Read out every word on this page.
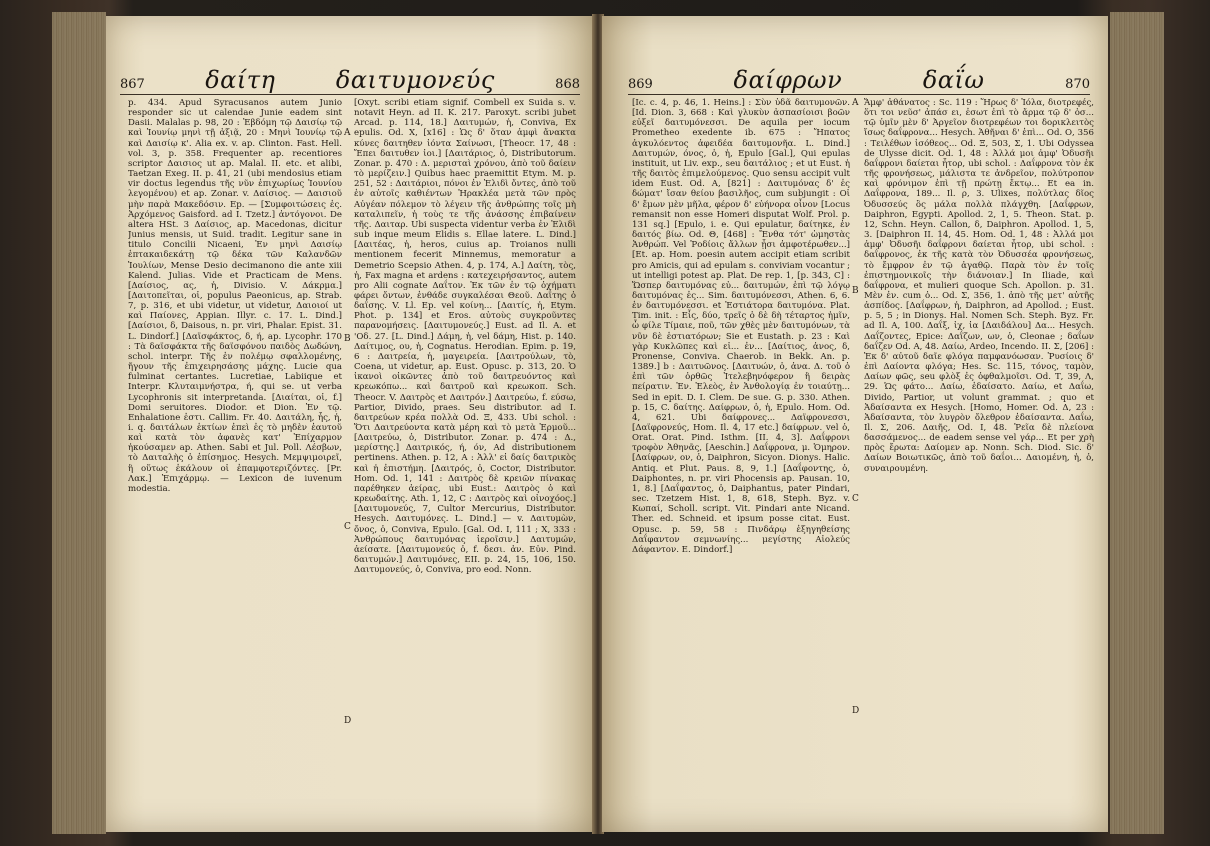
867	δαίτη	δαιτυμονεύς	868

p. 434. Apud Syracusanos autem Junio responder sic ut calendae Junie eadem sint Dasii. Malalas p. 98, 20 : Ἐβδόμη τῷ Δαισίῳ τῷ καὶ Ἰουνίῳ μηνὶ τῇ ἀξιᾷ, 20 : Μηνὶ Ἰουνίῳ τῷ καὶ Δαισίῳ κ'. Alia ex. v. ap. Clinton. Fast. Hell. vol. 3, p. 358. Frequenter ap. recentiores scriptor Δαισιος ut ap. Malal. II. etc. et alibi, Taetzan Exeg. II. p. 41, 21 (ubi mendosius etiam vir doctus legendus τῆς νῦν ἐπιχωρίως Ἰουνίου λεγομένου) et ap. Zonar. v. Δαίσιος. — Δαισιοῦ μὴν παρὰ Μακεδόσιν. Ep. — [Συμφοιτώσεις ἐς. Ἀρχόμενος Gaisford. ad I. Tzetz.] ἀντόγονοι. De altera HSt. 3 Δαίσιος, ap. Macedonas, dicitur Junius mensis, ut Suid. tradit. Legitur sane in titulo Concilii Nicaeni, Ἐν μηνὶ Δαισίῳ ἑπτακαιδεκάτῃ τῷ δέκα τῶν Καλανδῶν Ἰουλίων, Mense Desio decimanono die ante xiii Kalend. Julias. Vide et Practicam de Mens. [Δαίσιος, ας, ἡ, Divisio. V. Δάκρμα.] [Δαιτοπεῖται, οἱ, populus Paeonicus, ap. Strab. 7, p. 316, et ubi videtur, ut videtur, Δαιοιοί ut καὶ Παίονες, Appian. Illyr. c. 17. L. Dind.] [Δαίσιοι, δ, Daisous, n. pr. viri, Phalar. Epist. 31. L. Dindorf.] [Δαϊσφάκτος, δ, ή, ap. Lycophr. 170 : Τὰ δαϊσφάκτα τῆς δαϊσφόνου παιδὸς Δωδώνη, schol. interpr. Τῆς ἐν πολέμῳ σφαλλομένης, ἤγουν τῆς ἐπιχειρησάσης μάχης. Lucie qua fulminat certantes. Lucretiae, Labiique et Interpr. Κλυταιμνήστρα, ή, qui se. ut verba Lycophronis sit interpretanda. [Διαίται, οἱ, f.] Domi seruitores. Diodor. et Dion. Ἐν τῷ. Enhalatione ἐστι. Callim. Fr. 40. Δαιτάλη, ἧς, ἡ, i. q. δαιτάλων ἑκτίων ἐπεὶ ἐς τὸ μηδὲν ἑαυτοῦ καὶ κατὰ τὸν ἀφανὲς κατ' Ἐπίχαρμον ἠκούσαμεν ap. Athen. Sabi et Jul. Poll. Λέσβων, τὸ Δαιταλὴς ὁ ἐπίσημος. Hesych. Mεμψιμοιρεῖ, ἢ οὕτως ἐκάλουν οἱ ἐπαμφοτεριζόντες. [Pr. Λακ.] Ἐπιχάρμῳ. — Lexicon de iuvenum modestia.

[Oxyt. scribi etiam signif. Combell ex Suida s. v. notavit Heyn. ad II. K. 217. Paroxyt. scribi jubet Arcad. p. 114, 18.] Δαιτυμών, ἡ, Conviva, Ex epulis. Od. X, [x16] : Ὡς δ' ὅταν ἀμφὶ ἄνακτα κύνες δαιτηθεν ἰόντα Σαίνωσι, [Theocr. 17, 48 : Ἔπει δαιτυθεν ἰοι.] [Δαιτάριος, ὁ, Distributorum. Zonar. p. 470 : Δ. μερισταὶ χρόνου, ἀπὸ τοῦ δαίειν τὸ μερίζειν.] Quibus haec praemittit Etym. M. p. 251, 52 : Δαιτάριοι, πόνοι ἐν Ἐλιδὶ ὄντες, ἀπὸ τοῦ ἐν αὐτοῖς καθιέντων Ἡρακλέα μετὰ τῶν πρὸς Αὐγέαν πόλεμον τὸ λέγειν τῆς ἀνθρώπης τοῖς μὴ καταλιπεῖν, ἡ τοὺς τε τῆς ἀνάσσης ἐπιβαίνειν τῆς. Δαιταρ. Ubi suspecta videntur verba ἐν Ἐλιδὶ sub inque meum Elidis s. Ellae latere. L. Dind.] [Δαιτέας, ἡ, heros, cuius ap. Troianos nulli mentionem fecerit Minnemus, memoratur a Demetrio Scepsio Athen. 4, p. 174, A.] Δαίτη, τὸς, ἡ, Fax magna et ardens : κατεχειρήσαντος, autem pro Alii cognate Δαΐτον. Ἐκ τῶν ἐν τῷ ὀχήματι φάρει ὄντων, ἐνθάδε συγκαλέσαι Θεοῦ. Δαΐτης ὁ δαΐσης. V. Ll. Ep. vel κοίνη... [Δαιτίς, ἡ, Etym. Phot. p. 134] et Eros. αὐτοὺς συγκροῦντες παρανομήσεις. [Δαιτυμονεύς.] Eust. ad Il. A. et 'Οδ. 27. [L. Dind.] Δάμη, ἡ, vel δάμη, Hist. p. 140. Δαίτιμος, ου, ἡ, Cognatus. Herodian. Epim. p. 19, 6 : Δαιτρεία, ἡ, μαγειρεία. [Δαιτρούλων, τὸ, Coena, ut videtur, ap. Eust. Opusc. p. 313, 20. Ὁ ἰκανοὶ οἰκῶντες ἀπὸ τοῦ δαιτρευόντος καὶ κρεωκόπω... καὶ δαιτροῦ καὶ κρεωκοπ. Sch. Theocr. V. Δαιτρὸς et Δαιτρόν.] Δαιτρεύω, f. εύσω, Partior, Divido, praes. Seu distributor. ad I. δαιτρεύων κρέα πολλὰ Od. Ξ, 433. Ubi schol. : Ὅτι Δαιτρεύοντα κατὰ μέρη καὶ τὸ μετὰ Ἑρμοῦ... [Δαιτρεύω, ὁ, Distributor. Zonar. p. 474 : Δ., μερίστης.] Δαιτρικός, ή, όν, Ad distributionem pertinens. Athen. p. 12, A : Ἁλλ' εἰ δαίς δαιτρικὸς καὶ ἡ ἐπιστήμη. [Δαιτρός, ὁ, Coctor, Distributor. Hom. Od. 1, 141 : Δαιτρὸς δὲ κρειῶν πίνακας παρέθηκεν ἀείρας, ubi Eust.: Δαιτρὸς ὁ καὶ κρεωδαίτης. Ath. 1, 12, C : Δαιτρὸς καὶ οἰνοχόος.] [Δαιτυμονεύς, 7, Cultor Mercurius, Distributor. Hesych. Δαιτυμόνες. L. Dind.] — v. Δαιτυμὼν, ὄνος, ὁ, Conviva, Epulo. [Gal. Od. I, 111 ; X, 333 : Ἀνθρώπους δαιτυμόνας ἱεροῖσιν.] Δαιτυμών, ἀείσατε. [Δαιτυμονεύς ὁ, f. δεσι. ἀν. Εὐν. Pind. δαιτυμών.] Δαιτυμόνες, ΕΙΙ. p. 24, 15, 106, 150. Δαιτυμονεύς, ὁ, Conviva, pro eod. Nonn.

A
B
C
D
869	δαίφρων	δαΐω	870

[Ic. c. 4, p. 46, 1. Heins.] : Σὺν ὑδᾶ δαιτυμονῶν. [Id. Dion. 3, 668 : Καὶ γλυκὺν ἀσπασίοισι βοῶν εὐξεῖ δαιτυμόνεσσι. De aquila per iocum Prometheo exedente ib. 675 : Ἤπατος ἀγκυλόεντος ἀφειδέα δαιτυμονῆα. L. Dind.] Δαιτυμών, όνος, ὁ, ἡ, Epulo [Gal.], Qui epulas instituit, ut Liv. exp., seu δαιτάλιος ; et ut Eust. ἡ τῆς δαιτὸς ἐπιμελούμενος. Quo sensu accipit vult idem Eust. Od. A, [821] : Δαιτυμόνας δ' ἐς δώματ' ἴσαν θείου βασιλῆος, cum subjungit : Οἱ δ' ἔμων μὲν μῆλα, φέρον δ' εὐήνορα οἶνον [Locus remansit non esse Homeri disputat Wolf. Prol. p. 131 sq.] [Epulo, i. e. Qui epulatur, δαίτηκε, ἐν δαιτός βίω. Od. Θ, [468] : Ἔνθα τότ' ὠμηστὰς Ἀνθρώπ. Vel Ῥοδίοις ἄλλων ᾗσι ἀμφοτέρωθεν...] [Et. ap. Hom. poesin autem accipit etiam scribit pro Amicis, qui ad epulam s. conviviam vocantur ; ut intelligi potest ap. Plat. De rep. 1, [p. 343, C] : Ὥσπερ δαιτυμόνας εὐ... δαιτυμών, ἐπὶ τῷ λόγῳ δαιτυμόνας ἐς... Sim. δαιτυμόνεσσι, Athen. 6, 6. ἐν δαιτυμόνεσσι. et Ἐστιάτορα δαιτυμόνα. Plat. Tim. init. : Εἷς, δύο, τρεῖς ὁ δὲ δὴ τέταρτος ἡμῖν, ὦ φίλε Τίμαιε, ποῦ, τῶν χθὲς μὲν δαιτυμόνων, τὰ νῦν δὲ ἑστιατόρων; Sie et Eustath. p. 23 : Καὶ γὰρ Κυκλῶπες καὶ εἰ... ἐν... [Δαίτιος, ἀνος, δ, Pronense, Conviva. Chaerob. in Bekk. An. p. 1389.] b : Δαιτυῶνος. [Δαιτυών, ὁ, ἀνα. Δ. τοῦ ὁ ἐπὶ τῶν ὀρθῶς Ἰτελεβηνόφερον ἢ δειρὰς πείρατιν. Ἐν. Ἐλεὸς, ἐν Ἀνθολογίᾳ ἐν τοιαύτῃ... Sed in epit. D. I. Clem. De sue. G. p. 330. Athen. p. 15, C. δαίτης. Δαίφρων, ὁ, ἡ, Epulo. Hom. Od. 4, 621. Ubi δαίφρονες... Δαϊφρονεσσι, [Δαϊφρονεύς, Hom. Il. 4, 17 etc.] δαίφρων. vel ὁ, Orat. Orat. Pind. Isthm. [II. 4, 3]. Δαΐφρονι τροφὸν Ἀθηνᾶς, [Aeschin.] Δαΐφρονα, μ. Ὁμηρον. [Δαίφρων, ον, ὁ, Daiphron, Sicyon. Dionys. Halic. Antiq. et Plut. Paus. 8, 9, 1.] [Δαΐφοντης, ὁ, Daiphontes, n. pr. viri Phocensis ap. Pausan. 10, 1, 8.] [Δαΐφαντος, ὁ, Daiphantus, pater Pindari, sec. Tzetzem Hist. 1, 8, 618, Steph. Byz. v. Κωπαί, Scholl. script. Vit. Pindari ante Nicand. Ther. ed. Schneid. et ipsum posse citat. Eust. Opusc. p. 59, 58 : Πινδάρῳ ἐξηγηθείσης Δαΐφαντον σεμνωνίης... μεγίστης Αἰολεύς Δάφαντον. E. Dindorf.]

Ἄμφ' ἀθάνατος : Sc. 119 : Ἥρως δ' Ἰόλα, διοτρεφές, ὅτι τοι νεῦσ' ἀπάσ ει, ἐσωτ ἐπὶ τὸ ἄρμα τῷ δ' ὁσ... τῷ ὑμῖν μὲν δ' Ἀργεῖον διοτρεφέων τοι δορικλειτὸς ἴσως δαΐφρονα... Hesych. Ἀθῆναι δ' ἐπὶ... Od. Ο, 356 : Τειλέθων ἰσόθεος... Od. Ξ, 503, Σ, 1. Ubi Odyssea de Ulysse dicit. Od. 1, 48 : Ἀλλά μοι ἀμφ' Ὀδυσῆι δαΐφρονι δαίεται ἦτορ, ubi schol. : Δαΐφρονα τὸν ἐκ τῆς φρονήσεως, μάλιστα τε ἀνδρεῖον, πολύτροπον καὶ φρόνιμον ἐπὶ τῇ πρώτῃ ἔκτῳ... Et ea in. Δαΐφρονα, 189... Il. ρ, 3. Ulixes, πολύτλας δῖος Ὀδυσσεύς ὃς μάλα πολλὰ πλάγχθη. [Δαΐφρων, Daiphron, Egypti. Apollod. 2, 1, 5. Theon. Stat. p. 12, Schn. Heyn. Callon, δ, Daiphron. Apollod. 1, 5, 3. [Daiphron II. 14, 45. Hom. Od. 1, 48 : Ἀλλά μοι ἀμφ' Ὀδυσῆι δαΐφρονι δαίεται ἦτορ, ubi schol. : δαΐφρονος, ἐκ τῆς κατὰ τὸν Ὀδυσσέα φρονήσεως, τὸ ἔμφρον ἐν τῷ ἀγαθῷ. Παρὰ τὸν ἐν τοῖς ἐπιστημονικοῖς τὴν διάνοιαν.] In Iliade, καὶ δαΐφρονα, et mulieri quoque Sch. Apollon. p. 31. Μὲν ἐν. cum ὁ... Od. Σ, 356, 1. ἀπὸ τῆς μετ' αὐτῆς ἀσπίδος. [Δαΐφρων, ἡ, Daiphron, ad Apollod. ; Eust. p. 5, 5 ; in Dionys. Hal. Nomen Sch. Steph. Byz. Fr. ad Il. A, 100. Δαΐξ, ἰχ, ἰα [Δαιδάλου] Δα... Hesych. Δαΐζοντες, Epice: Δαΐζων, ων, ὁ, Cleonae ; δαΐων δαΐζεν Od. Α, 48. Δαίω, Ardeo, Incendo. II. Σ, [206] : Ἐκ δ' αὐτοῦ δαῖε φλόγα παμφανόωσαν. Ῥυσίοις δ' ἐπὶ Δαίοντα φλόγα; Hes. Sc. 115, τόνος, ταμὸν, Δαίων φῶς, seu φλὸξ ἐς ὀφθαλμοῖσι. Od. Τ, 39, Λ, 29. Ὡς φάτο... Δαίω, ἐδαίσατο. Δαίω, et Δαΐω, Divido, Partior, ut volunt grammat. ; quo et Ἀδαίσαντα ex Hesych. [Homo, Homer. Od. Δ, 23 : Ἀδαίσαντα, τὸν λυγρὸν ὄλεθρον ἐδαίσαντα. Δαΐω, Il. Σ, 206. Δαιῆς, Od. Ι, 48. Ῥεῖα δὲ πλείονα δασσάμενος... de eadem sense vel γάρ... Et per χρὴ πρὸς ἔρωτα: Δαίομεν ap. Nonn. Sch. Diod. Sic. δ' Δαίων Βοιωτικῶς, ἀπὸ τοῦ δαΐοι... Δαιομένη, ἡ, ὁ, συναιρουμένη.

A
B
C
D
